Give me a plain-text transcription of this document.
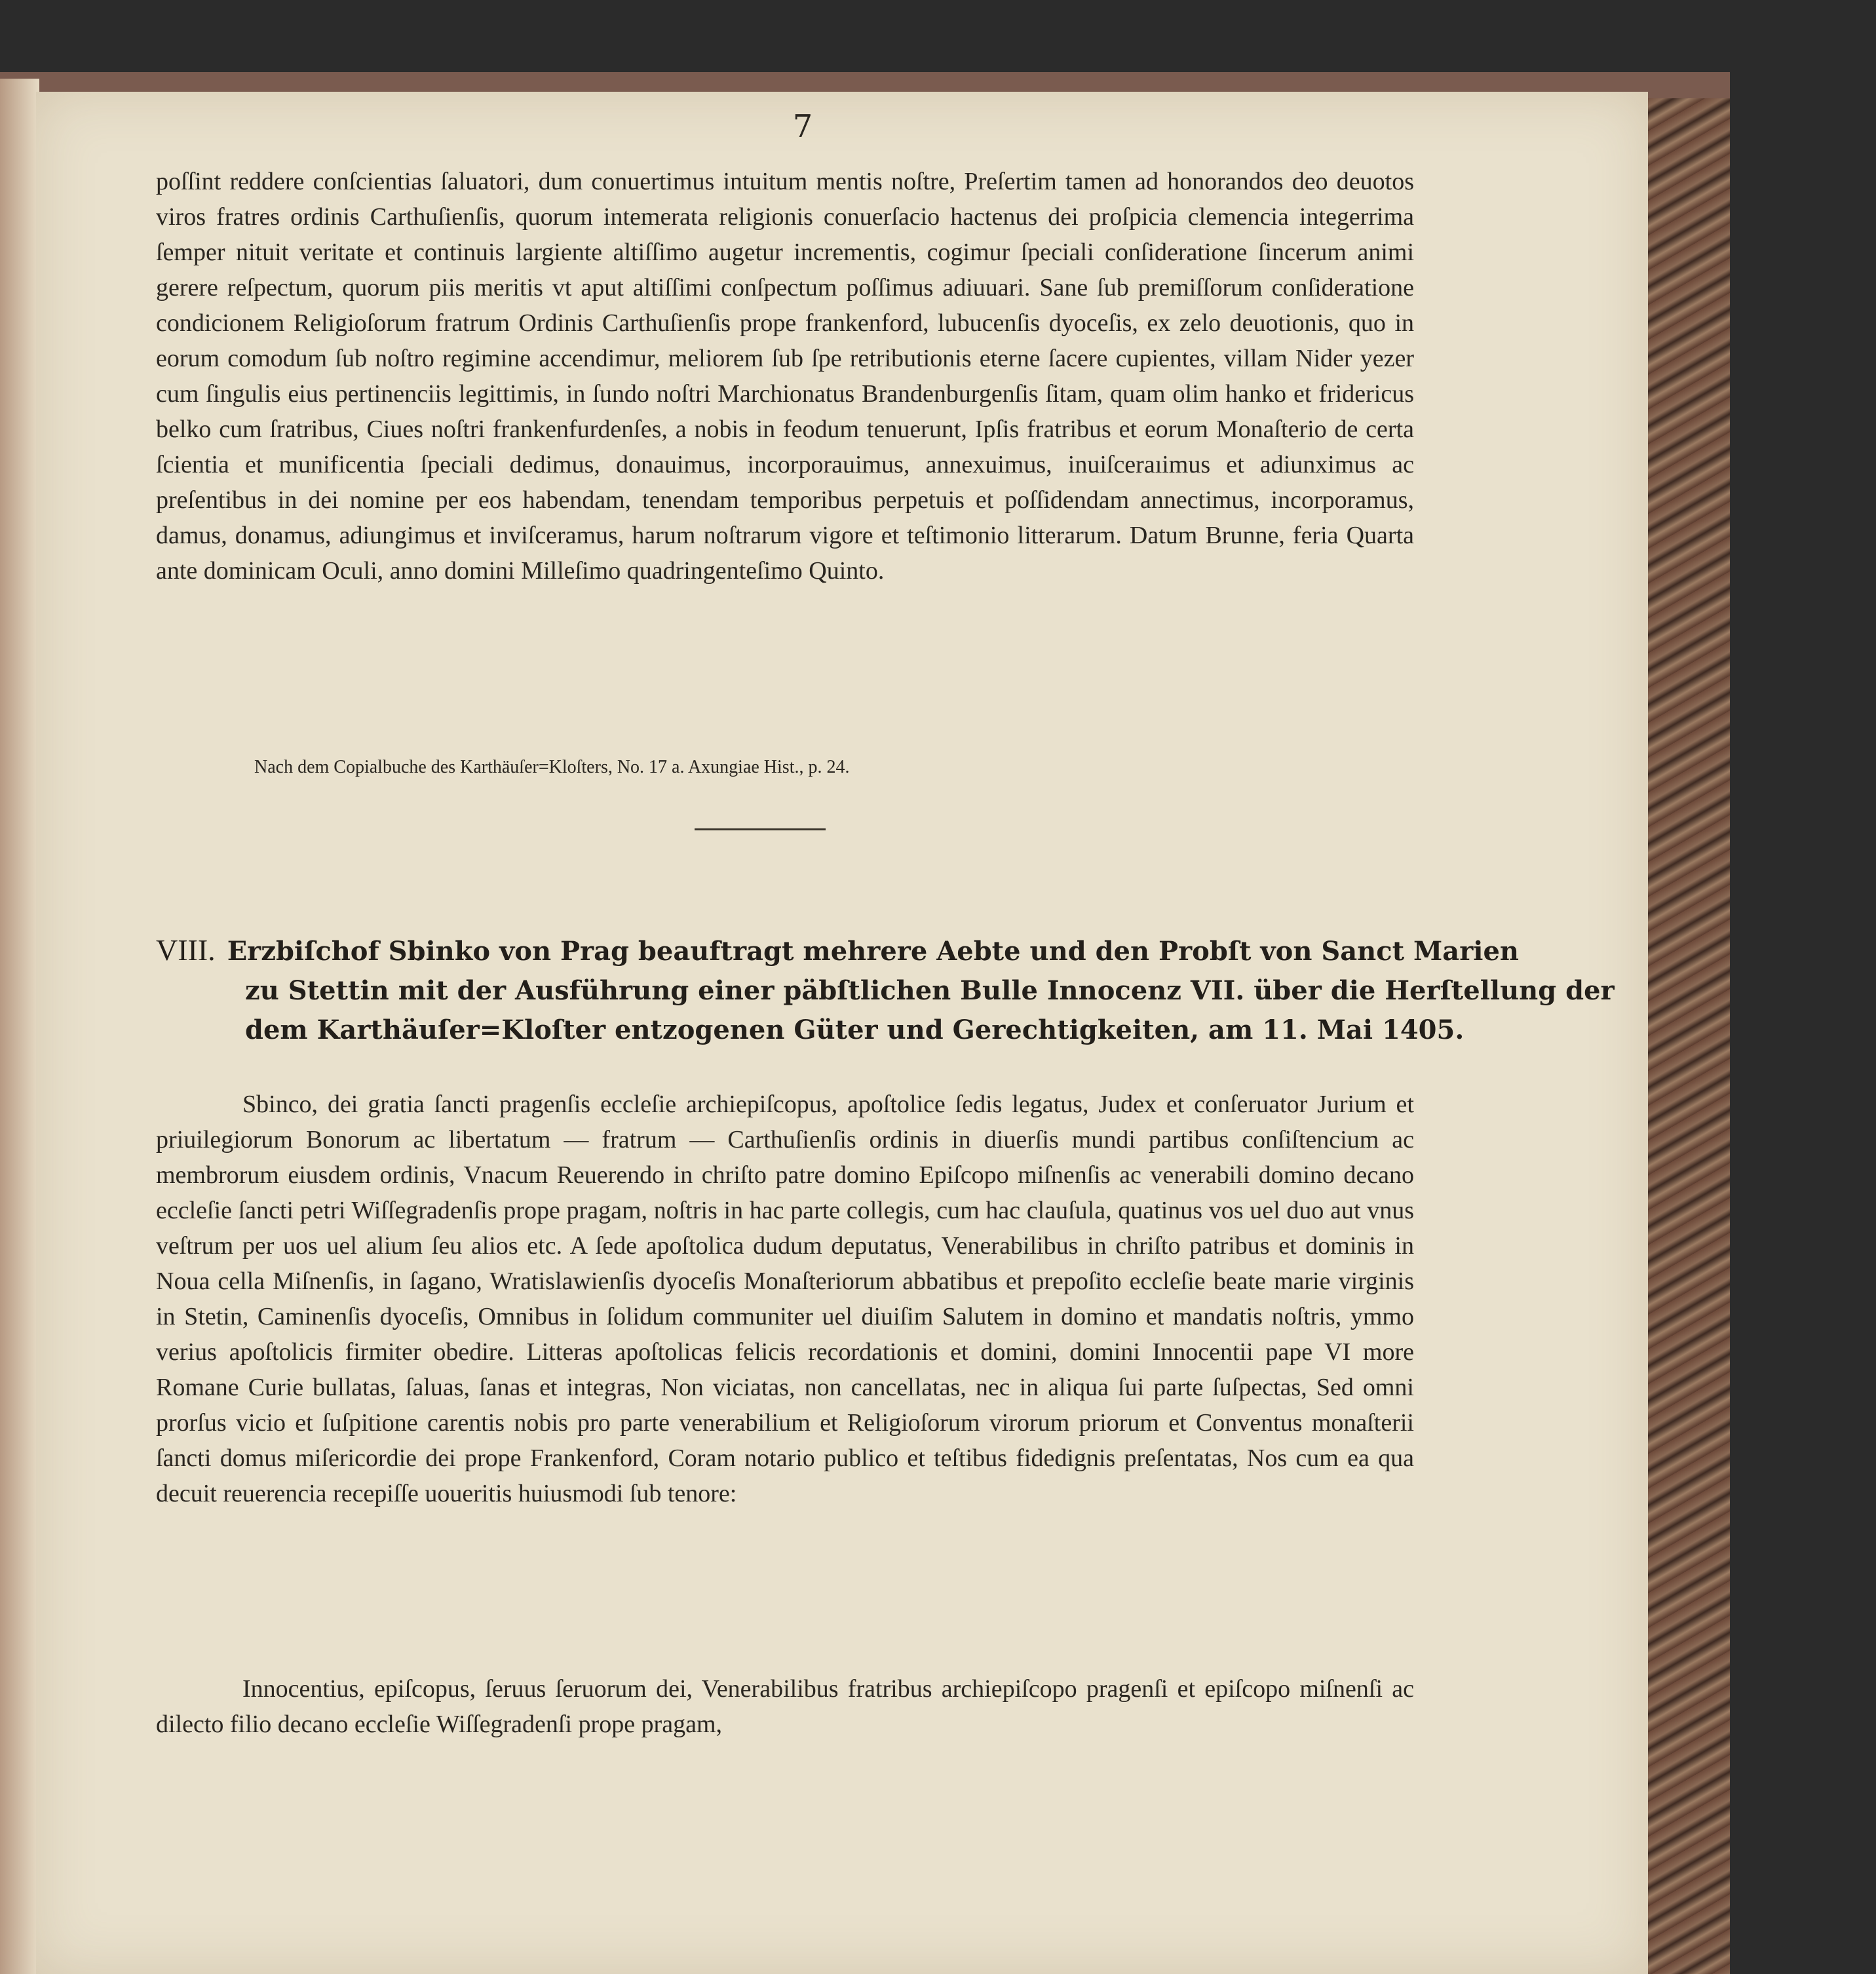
7
poſſint reddere conſcientias ſaluatori, dum conuertimus intuitum mentis noſtre, Preſertim tamen ad honorandos deo deuotos viros fratres ordinis Carthuſienſis, quorum intemerata religionis conuerſacio hactenus dei proſpicia clemencia integerrima ſemper nituit veritate et continuis largiente altiſſimo augetur incrementis, cogimur ſpeciali conſideratione ſincerum animi gerere reſpectum, quorum piis meritis vt aput altiſſimi conſpectum poſſimus adiuuari. Sane ſub premiſſorum conſideratione condicionem Religioſorum fratrum Ordinis Carthuſienſis prope frankenford, lubucenſis dyoceſis, ex zelo deuotionis, quo in eorum comodum ſub noſtro regimine accendimur, meliorem ſub ſpe retributionis eterne ſacere cupientes, villam Nider yezer cum ſingulis eius pertinenciis legittimis, in ſundo noſtri Marchionatus Brandenburgenſis ſitam, quam olim hanko et fridericus belko cum ſratribus, Ciues noſtri frankenfurdenſes, a nobis in feodum tenuerunt, Ipſis fratribus et eorum Monaſterio de certa ſcientia et munificentia ſpeciali dedimus, donauimus, incorporauimus, annexuimus, inuiſceraıimus et adiunximus ac preſentibus in dei nomine per eos habendam, tenendam temporibus perpetuis et poſſidendam annectimus, incorporamus, damus, donamus, adiungimus et inviſceramus, harum noſtrarum vigore et teſtimonio litterarum. Datum Brunne, feria Quarta ante dominicam Oculi, anno domini Milleſimo quadringenteſimo Quinto.
Nach dem Copialbuche des Karthäuſer=Kloſters, No. 17 a. Axungiae Hist., p. 24.
VIII. Erzbiſchof Sbinko von Prag beauftragt mehrere Aebte und den Probſt von Sanct Marien
zu Stettin mit der Ausführung einer päbſtlichen Bulle Innocenz VII. über die Herſtellung der
dem Karthäuſer=Kloſter entzogenen Güter und Gerechtigkeiten, am 11. Mai 1405.
Sbinco, dei gratia ſancti pragenſis eccleſie archiepiſcopus, apoſtolice ſedis legatus, Judex et conſeruator Jurium et priuilegiorum Bonorum ac libertatum — fratrum — Carthuſienſis ordinis in diuerſis mundi partibus conſiſtencium ac membrorum eiusdem ordinis, Vnacum Reuerendo in chriſto patre domino Epiſcopo miſnenſis ac venerabili domino decano eccleſie ſancti petri Wiſſegradenſis prope pragam, noſtris in hac parte collegis, cum hac clauſula, quatinus vos uel duo aut vnus veſtrum per uos uel alium ſeu alios etc. A ſede apoſtolica dudum deputatus, Venerabilibus in chriſto patribus et dominis in Noua cella Miſnenſis, in ſagano, Wratislawienſis dyoceſis Monaſteriorum abbatibus et prepoſito eccleſie beate marie virginis in Stetin, Caminenſis dyoceſis, Omnibus in ſolidum communiter uel diuiſim Salutem in domino et mandatis noſtris, ymmo verius apoſtolicis firmiter obedire. Litteras apoſtolicas felicis recordationis et domini, domini Innocentii pape VI more Romane Curie bullatas, ſaluas, ſanas et integras, Non viciatas, non cancellatas, nec in aliqua ſui parte ſuſpectas, Sed omni prorſus vicio et ſuſpitione carentis nobis pro parte venerabilium et Religioſorum virorum priorum et Conventus monaſterii ſancti domus miſericordie dei prope Frankenford, Coram notario publico et teſtibus fidedignis preſentatas, Nos cum ea qua decuit reuerencia recepiſſe uoueritis huiusmodi ſub tenore:
Innocentius, epiſcopus, ſeruus ſeruorum dei, Venerabilibus fratribus archiepiſcopo pragenſi et epiſcopo miſnenſi ac dilecto filio decano eccleſie Wiſſegradenſi prope pragam,
